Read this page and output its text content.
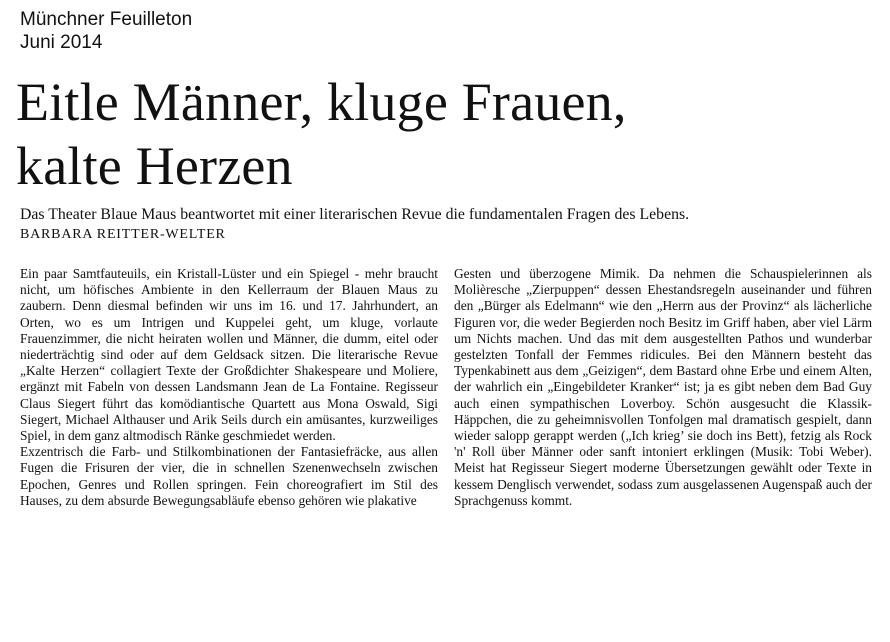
Münchner Feuilleton
Juni 2014
Eitle Männer, kluge Frauen,
kalte Herzen
Das Theater Blaue Maus beantwortet mit einer literarischen Revue die fundamentalen Fragen des Lebens.
BARBARA REITTER-WELTER

Ein paar Samtfauteuils, ein Kristall-Lüster und ein Spiegel - mehr braucht nicht, um höfisches Ambiente in den Kellerraum der Blauen Maus zu zaubern. Denn diesmal befinden wir uns im 16. und 17. Jahrhundert, an Orten, wo es um Intrigen und Kuppelei geht, um kluge, vorlaute Frauenzimmer, die nicht heiraten wollen und Männer, die dumm, eitel oder niederträchtig sind oder auf dem Geldsack sitzen. Die literarische Revue „Kalte Herzen“ collagiert Texte der Großdichter Shakespeare und Moliere, ergänzt mit Fabeln von dessen Landsmann Jean de La Fontaine. Regisseur Claus Siegert führt das komödiantische Quartett aus Mona Oswald, Sigi Siegert, Michael Althauser und Arik Seils durch ein amüsantes, kurzweiliges Spiel, in dem ganz altmodisch Ränke geschmiedet werden.

Exzentrisch die Farb- und Stilkombinationen der Fantasiefräcke, aus allen Fugen die Frisuren der vier, die in schnellen Szenenwechseln zwischen Epochen, Genres und Rollen springen. Fein choreografiert im Stil des Hauses, zu dem absurde Bewegungsabläufe ebenso gehören wie plakative

Gesten und überzogene Mimik. Da nehmen die Schauspielerinnen als Molièresche „Zierpuppen“ dessen Ehestandsregeln auseinander und führen den „Bürger als Edelmann“ wie den „Herrn aus der Provinz“ als lächerliche Figuren vor, die weder Begierden noch Besitz im Griff haben, aber viel Lärm um Nichts machen. Und das mit dem ausgestellten Pathos und wunderbar gestelzten Tonfall der Femmes ridicules. Bei den Männern besteht das Typenkabinett aus dem „Geizigen“, dem Bastard ohne Erbe und einem Alten, der wahrlich ein „Eingebildeter Kranker“ ist; ja es gibt neben dem Bad Guy auch einen sympathischen Loverboy. Schön ausgesucht die Klassik-Häppchen, die zu geheimnisvollen Tonfolgen mal dramatisch gespielt, dann wieder salopp gerappt werden („Ich krieg’ sie doch ins Bett), fetzig als Rock 'n' Roll über Männer oder sanft intoniert erklingen (Musik: Tobi Weber). Meist hat Regisseur Siegert moderne Übersetzungen gewählt oder Texte in kessem Denglisch verwendet, sodass zum ausgelassenen Augenspaß auch der Sprachgenuss kommt.
